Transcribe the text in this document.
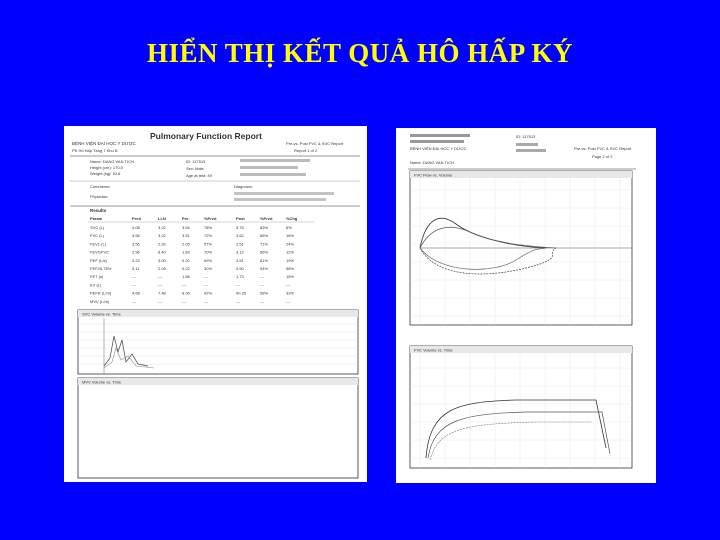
HIỂN THỊ KẾT QUẢ HÔ HẤP KÝ
Pulmonary Function Report
BỆNH VIỆN ĐẠI HỌC Y DƯỢC
PK Hô Hấp Tầng 7 Khu B
Pre-vs. Post FVC & SVC Report
Report 1 of 2
Name: DANG VAN TICH
Height (cm): 170.0
Weight (kg): 52.6
ID: 117513
Sex: Male
Age at test: 49
Comments:
Physician:
Diagnosis:
Results
Param	Pred	LLN	Pre	%Pred	Post	%Pred	%Chg
SVC (L)	4.08	3.22	3.54	78%	3.75	83%	6%
FVC (L)	3.56	3.22	3.51	72%	3.62	86%	16%
FEV1 (L)	3.56	2.92	2.05	57%	2.51	71%	24%
FEV1/FVC	2.96	8.40	1.83	70%	3.12	66%	12%
PEF (L/s)	3.23	3.00	0.20	69%	3.51	81%	19%
FEF25-75%	3.11	2.05	0.22	30%	0.50	94%	58%
FET (s)	---	---	1.56	---	1.73	---	15%
EV (L)	---	---	---	---	---	---	---
PEFR (L/m)	4.68	7.48	8.06	42%	90.35	58%	33%
MVV (L/m)	---	---	---	---	---	---	---
SVC Volume vs. Time
MVV Volume vs. Time
BỆNH VIỆN ĐẠI HỌC Y DƯỢC
Name: DANG VAN TICH
ID: 117513
Pre-vs. Post FVC & SVC Report
Page 2 of 2
FVC Flow vs. Volume
FVC Volume vs. Time
